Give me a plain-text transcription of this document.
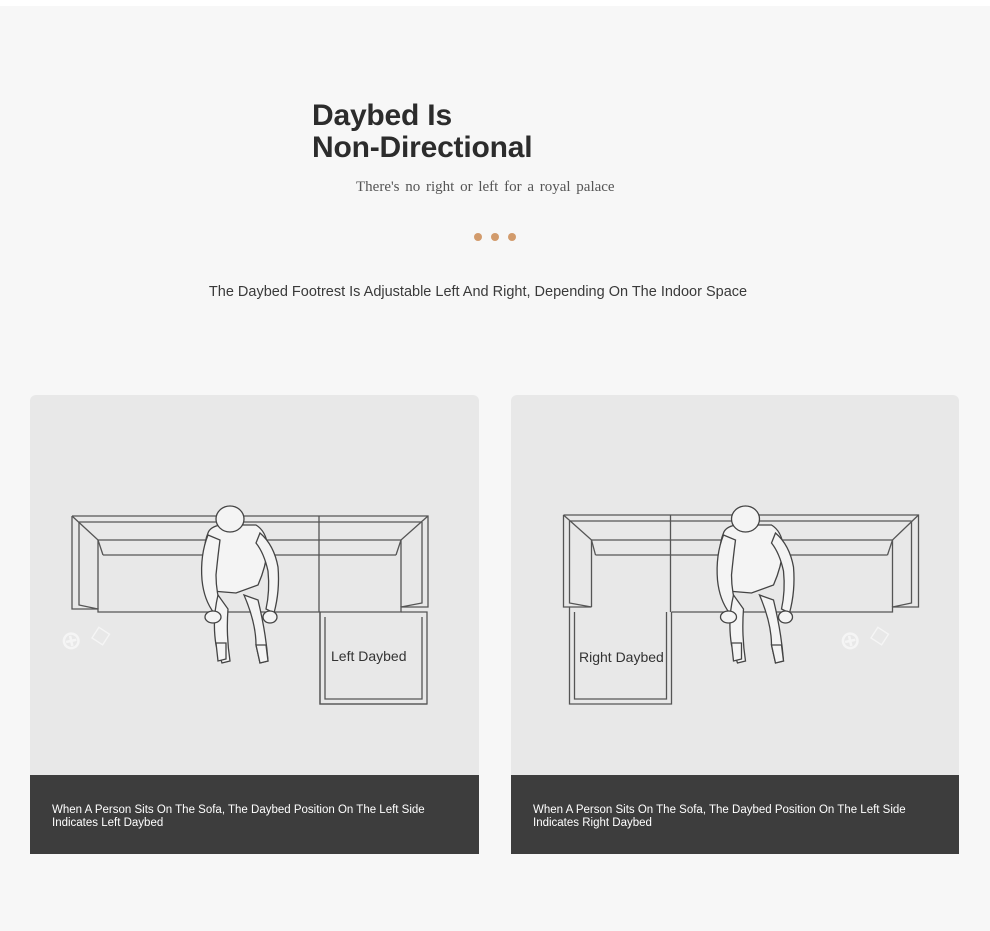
Daybed Is
Non-Directional
There's no right or left for a royal palace
The Daybed Footrest Is Adjustable Left And Right, Depending On The Indoor Space
⊕ ◇	Left Daybed
When A Person Sits On The Sofa, The Daybed Position On The Left Side
Indicates Left Daybed
⊕ ◇
Right Daybed
When A Person Sits On The Sofa, The Daybed Position On The Left Side
Indicates Right Daybed
